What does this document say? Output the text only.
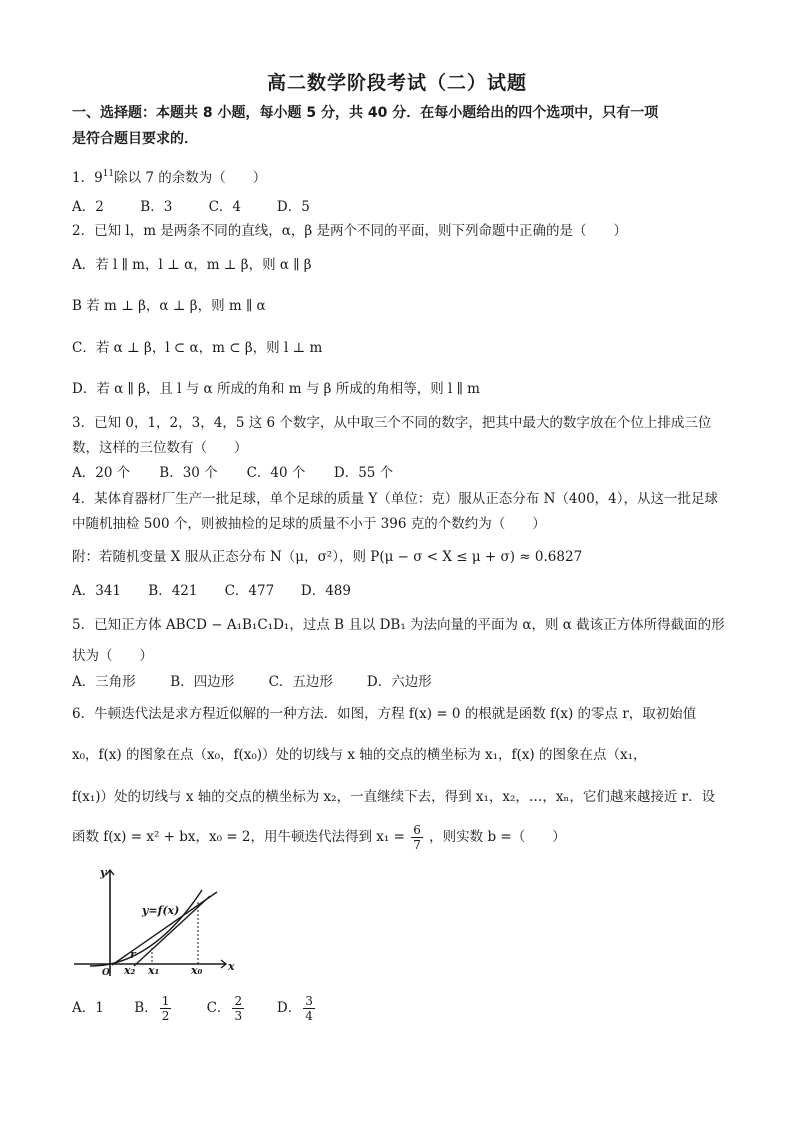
高二数学阶段考试（二）试题
一、选择题：本题共 8 小题，每小题 5 分，共 40 分．在每小题给出的四个选项中，只有一项
是符合题目要求的．
1．$9^{11}$除以 7 的余数为（　　）
A．2	B．3	C．4	D．5
2．已知 l，m 是两条不同的直线，α，β 是两个不同的平面，则下列命题中正确的是（　　）
A．若 l ∥ m，l ⊥ α，m ⊥ β，则 α ∥ β
B 若 m ⊥ β，α ⊥ β，则 m ∥ α
C．若 α ⊥ β，l ⊂ α，m ⊂ β，则 l ⊥ m
D．若 α ∥ β，且 l 与 α 所成的角和 m 与 β 所成的角相等，则 l ∥ m
3．已知 0，1，2，3，4，5 这 6 个数字，从中取三个不同的数字，把其中最大的数字放在个位上排成三位
数，这样的三位数有（　　）
A．20 个 B．30 个 C．40 个 D．55 个
4．某体育器材厂生产一批足球，单个足球的质量 Y（单位：克）服从正态分布 N（400，4），从这一批足球
中随机抽检 500 个，则被抽检的足球的质量不小于 396 克的个数约为（　　）
附：若随机变量 X 服从正态分布 N（μ，σ²），则 P(μ − σ < X ≤ μ + σ) ≈ 0.6827
A．341 B．421 C．477 D．489
5．已知正方体 ABCD − A₁B₁C₁D₁，过点 B 且以 DB₁ 为法向量的平面为 α，则 α 截该正方体所得截面的形
状为（　　）
A．三角形	B．四边形	C．五边形	D．六边形
6．牛顿迭代法是求方程近似解的一种方法．如图，方程 f(x) = 0 的根就是函数 f(x) 的零点 r，取初始值
x₀，f(x) 的图象在点（x₀，f(x₀)）处的切线与 x 轴的交点的横坐标为 x₁，f(x) 的图象在点（x₁，
f(x₁)）处的切线与 x 轴的交点的横坐标为 x₂，一直继续下去，得到 x₁，x₂，…，xₙ，它们越来越接近 r．设
函数 f(x) = x² + bx，x₀ = 2，用牛顿迭代法得到 $x_1 = \frac{6}{7}$ ，则实数 b =（　　）
y
x
y=f(x)
O
r
x₂ x₁	x₀
A．1 B． $\frac{1}{2}$	C． $\frac{2}{3}$ D． $\frac{3}{4}$
